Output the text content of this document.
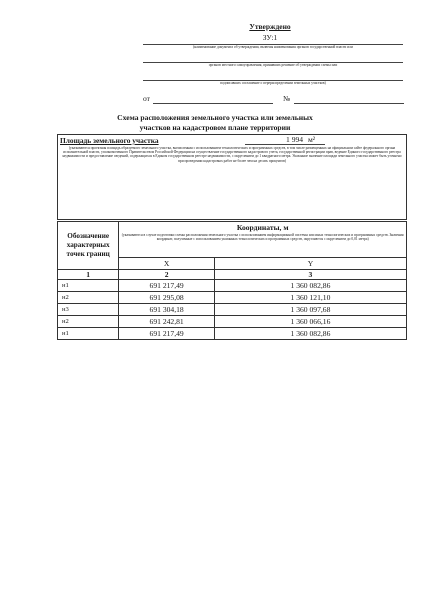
Утверждено
ЗУ:1
(наименование документа об утверждении, включая наименования органов государственной власти или
органов местного самоуправления, принявших решение об утверждении схемы или
подписавших соглашение о перераспределении земельных участков)
от	№
Схема расположения земельного участка или земельных
участков на кадастровом плане территории
Площадь земельного участка	1 994 м²
(указываются проектная площадь образуемого земельного участка, вычисленная с использованием технологических и программных средств, в том числе размещенных на официальном сайте федерального органа исполнительной власти, уполномоченного Правительством Российской Федерации на осуществление государственного кадастрового учета, государственной регистрации прав, ведение Единого государственного реестра недвижимости и предоставление сведений, содержащихся в Едином государственном реестре недвижимости, с округлением до 1 квадратного метра. Указанное значение площади земельного участка может быть уточнено при проведении кадастровых работ не более чем на десять процентов)
Обозначение характерных точек границ	Координаты, м
(указываются в случае подготовки схемы расположения земельного участка с использованием информационной системы или иных технологических и программных средств. Значения координат, полученные с использованием указанных технологических и программных средств, округляются с округлением до 0,01 метра)	

	X	Y
1	2	3
н1	691 217,49	1 360 082,86
н2	691 295,08	1 360 121,10
н3	691 304,18	1 360 097,68
н2	691 242,81	1 360 066,16
н1	691 217,49	1 360 082,86
